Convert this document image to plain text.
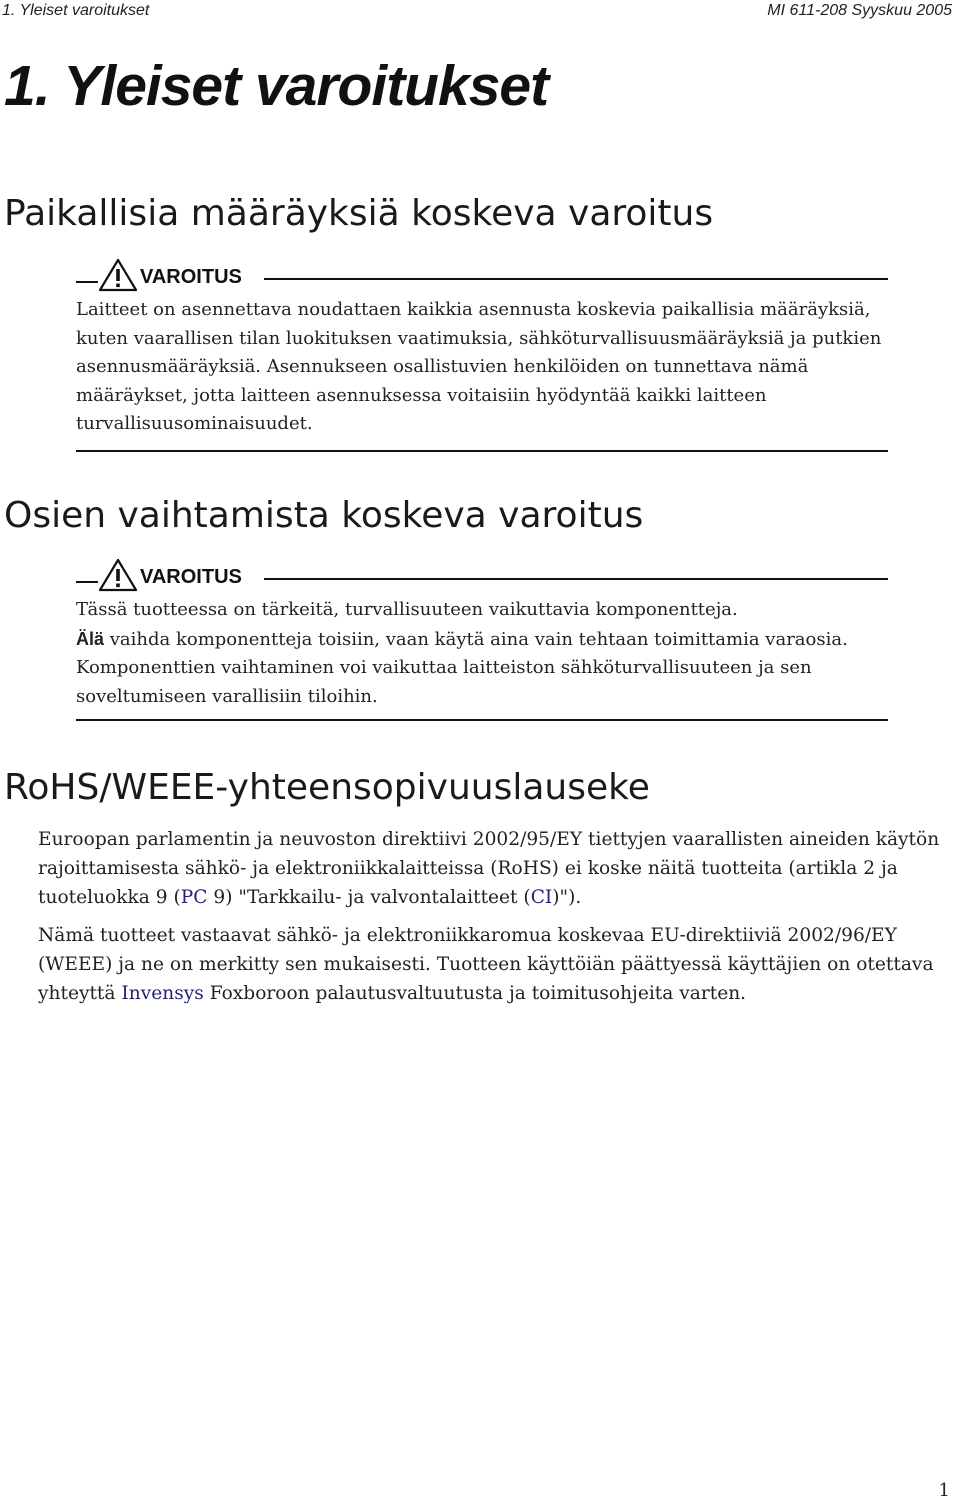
1. Yleiset varoitukset	MI 611-208 Syyskuu 2005
1. Yleiset varoitukset
Paikallisia määräyksiä koskeva varoitus
VAROITUS

Laitteet on asennettava noudattaen kaikkia asennusta koskevia paikallisia määräyksiä, kuten vaarallisen tilan luokituksen vaatimuksia, sähköturvallisuusmääräyksiä ja putkien asennusmääräyksiä. Asennukseen osallistuvien henkilöiden on tunnettava nämä määräykset, jotta laitteen asennuksessa voitaisiin hyödyntää kaikki laitteen turvallisuusominaisuudet.

Osien vaihtamista koskeva varoitus
VAROITUS

Tässä tuotteessa on tärkeitä, turvallisuuteen vaikuttavia komponentteja.
Älä vaihda komponentteja toisiin, vaan käytä aina vain tehtaan toimittamia varaosia.
Komponenttien vaihtaminen voi vaikuttaa laitteiston sähköturvallisuuteen ja sen soveltumiseen varallisiin tiloihin.

RoHS/WEEE-yhteensopivuuslauseke

Euroopan parlamentin ja neuvoston direktiivi 2002/95/EY tiettyjen vaarallisten aineiden käytön rajoittamisesta sähkö- ja elektroniikkalaitteissa (RoHS) ei koske näitä tuotteita (artikla 2 ja tuoteluokka 9 (PC 9) "Tarkkailu- ja valvontalaitteet (CI)").

Nämä tuotteet vastaavat sähkö- ja elektroniikkaromua koskevaa EU-direktiiviä 2002/96/EY (WEEE) ja ne on merkitty sen mukaisesti. Tuotteen käyttöiän päättyessä käyttäjien on otettava yhteyttä Invensys Foxboroon palautusvaltuutusta ja toimitusohjeita varten.

1
